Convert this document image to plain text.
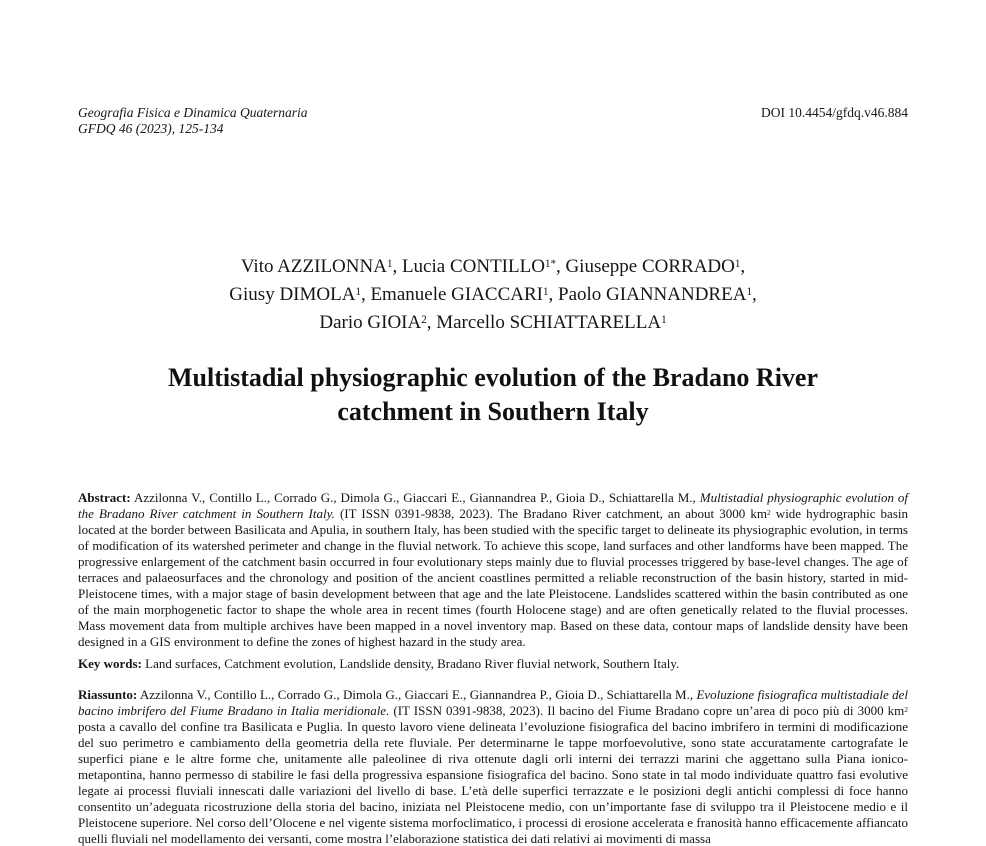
Geografia Fisica e Dinamica Quaternaria
GFDQ 46 (2023), 125-134
DOI 10.4454/gfdq.v46.884
Vito AZZILONNA$^1$, Lucia $CONTILLO^{1*}$, Giuseppe CORRADO$^1$,
Giusy DIMOLA$^1$, Emanuele GIACCARI$^1$, Paolo GIANNANDREA$^1$,
Dario GIOIA$^2$, Marcello SCHIATTARELLA$^1$
Multistadial physiographic evolution of the Bradano River
catchment in Southern Italy

Abstract: Azzilonna V., Contillo L., Corrado G., Dimola G., Giaccari E., Giannandrea P., Gioia D., Schiattarella M., Multistadial physiographic evolution of the Bradano River catchment in Southern Italy. (IT ISSN 0391-9838, 2023). The Bradano River catchment, an about 3000 $km^2$ wide hydrographic basin located at the border between Basilicata and Apulia, in southern Italy, has been studied with the specific target to delineate its physiographic evolution, in terms of modification of its watershed perimeter and change in the fluvial network. To achieve this scope, land surfaces and other landforms have been mapped. The progressive enlargement of the catchment basin occurred in four evolutionary steps mainly due to fluvial processes triggered by base-level changes. The age of terraces and palaeosurfaces and the chronology and position of the ancient coastlines permitted a reliable reconstruction of the basin history, started in mid-Pleistocene times, with a major stage of basin development between that age and the late Pleistocene. Landslides scattered within the basin contributed as one of the main morphogenetic factor to shape the whole area in recent times (fourth Holocene stage) and are often genetically related to the fluvial processes. Mass movement data from multiple archives have been mapped in a novel inventory map. Based on these data, contour maps of landslide density have been designed in a GIS environment to define the zones of highest hazard in the study area.

Key words: Land surfaces, Catchment evolution, Landslide density, Bradano River fluvial network, Southern Italy.

Riassunto: Azzilonna V., Contillo L., Corrado G., Dimola G., Giaccari E., Giannandrea P., Gioia D., Schiattarella M., Evoluzione fisiografica multistadiale del bacino imbrifero del Fiume Bradano in Italia meridionale. (IT ISSN 0391-9838, 2023). Il bacino del Fiume Bradano copre un’area di poco più di 3000 $km^2$ posta a cavallo del confine tra Basilicata e Puglia. In questo lavoro viene delineata l’evoluzione fisiografica del bacino imbrifero in termini di modificazione del suo perimetro e cambiamento della geometria della rete fluviale. Per determinarne le tappe morfoevolutive, sono state accuratamente cartografate le superfici piane e le altre forme che, unitamente alle paleolinee di riva ottenute dagli orli interni dei terrazzi marini che aggettano sulla Piana ionico-metapontina, hanno permesso di stabilire le fasi della progressiva espansione fisiografica del bacino. Sono state in tal modo individuate quattro fasi evolutive legate ai processi fluviali innescati dalle variazioni del livello di base. L’età delle superfici terrazzate e le posizioni degli antichi complessi di foce hanno consentito un’adeguata ricostruzione della storia del bacino, iniziata nel Pleistocene medio, con un’importante fase di sviluppo tra il Pleistocene medio e il Pleistocene superiore. Nel corso dell’Olocene e nel vigente sistema morfoclimatico, i processi di erosione accelerata e franosità hanno efficacemente affiancato quelli fluviali nel modellamento dei versanti, come mostra l’elaborazione statistica dei dati relativi ai movimenti di massa
